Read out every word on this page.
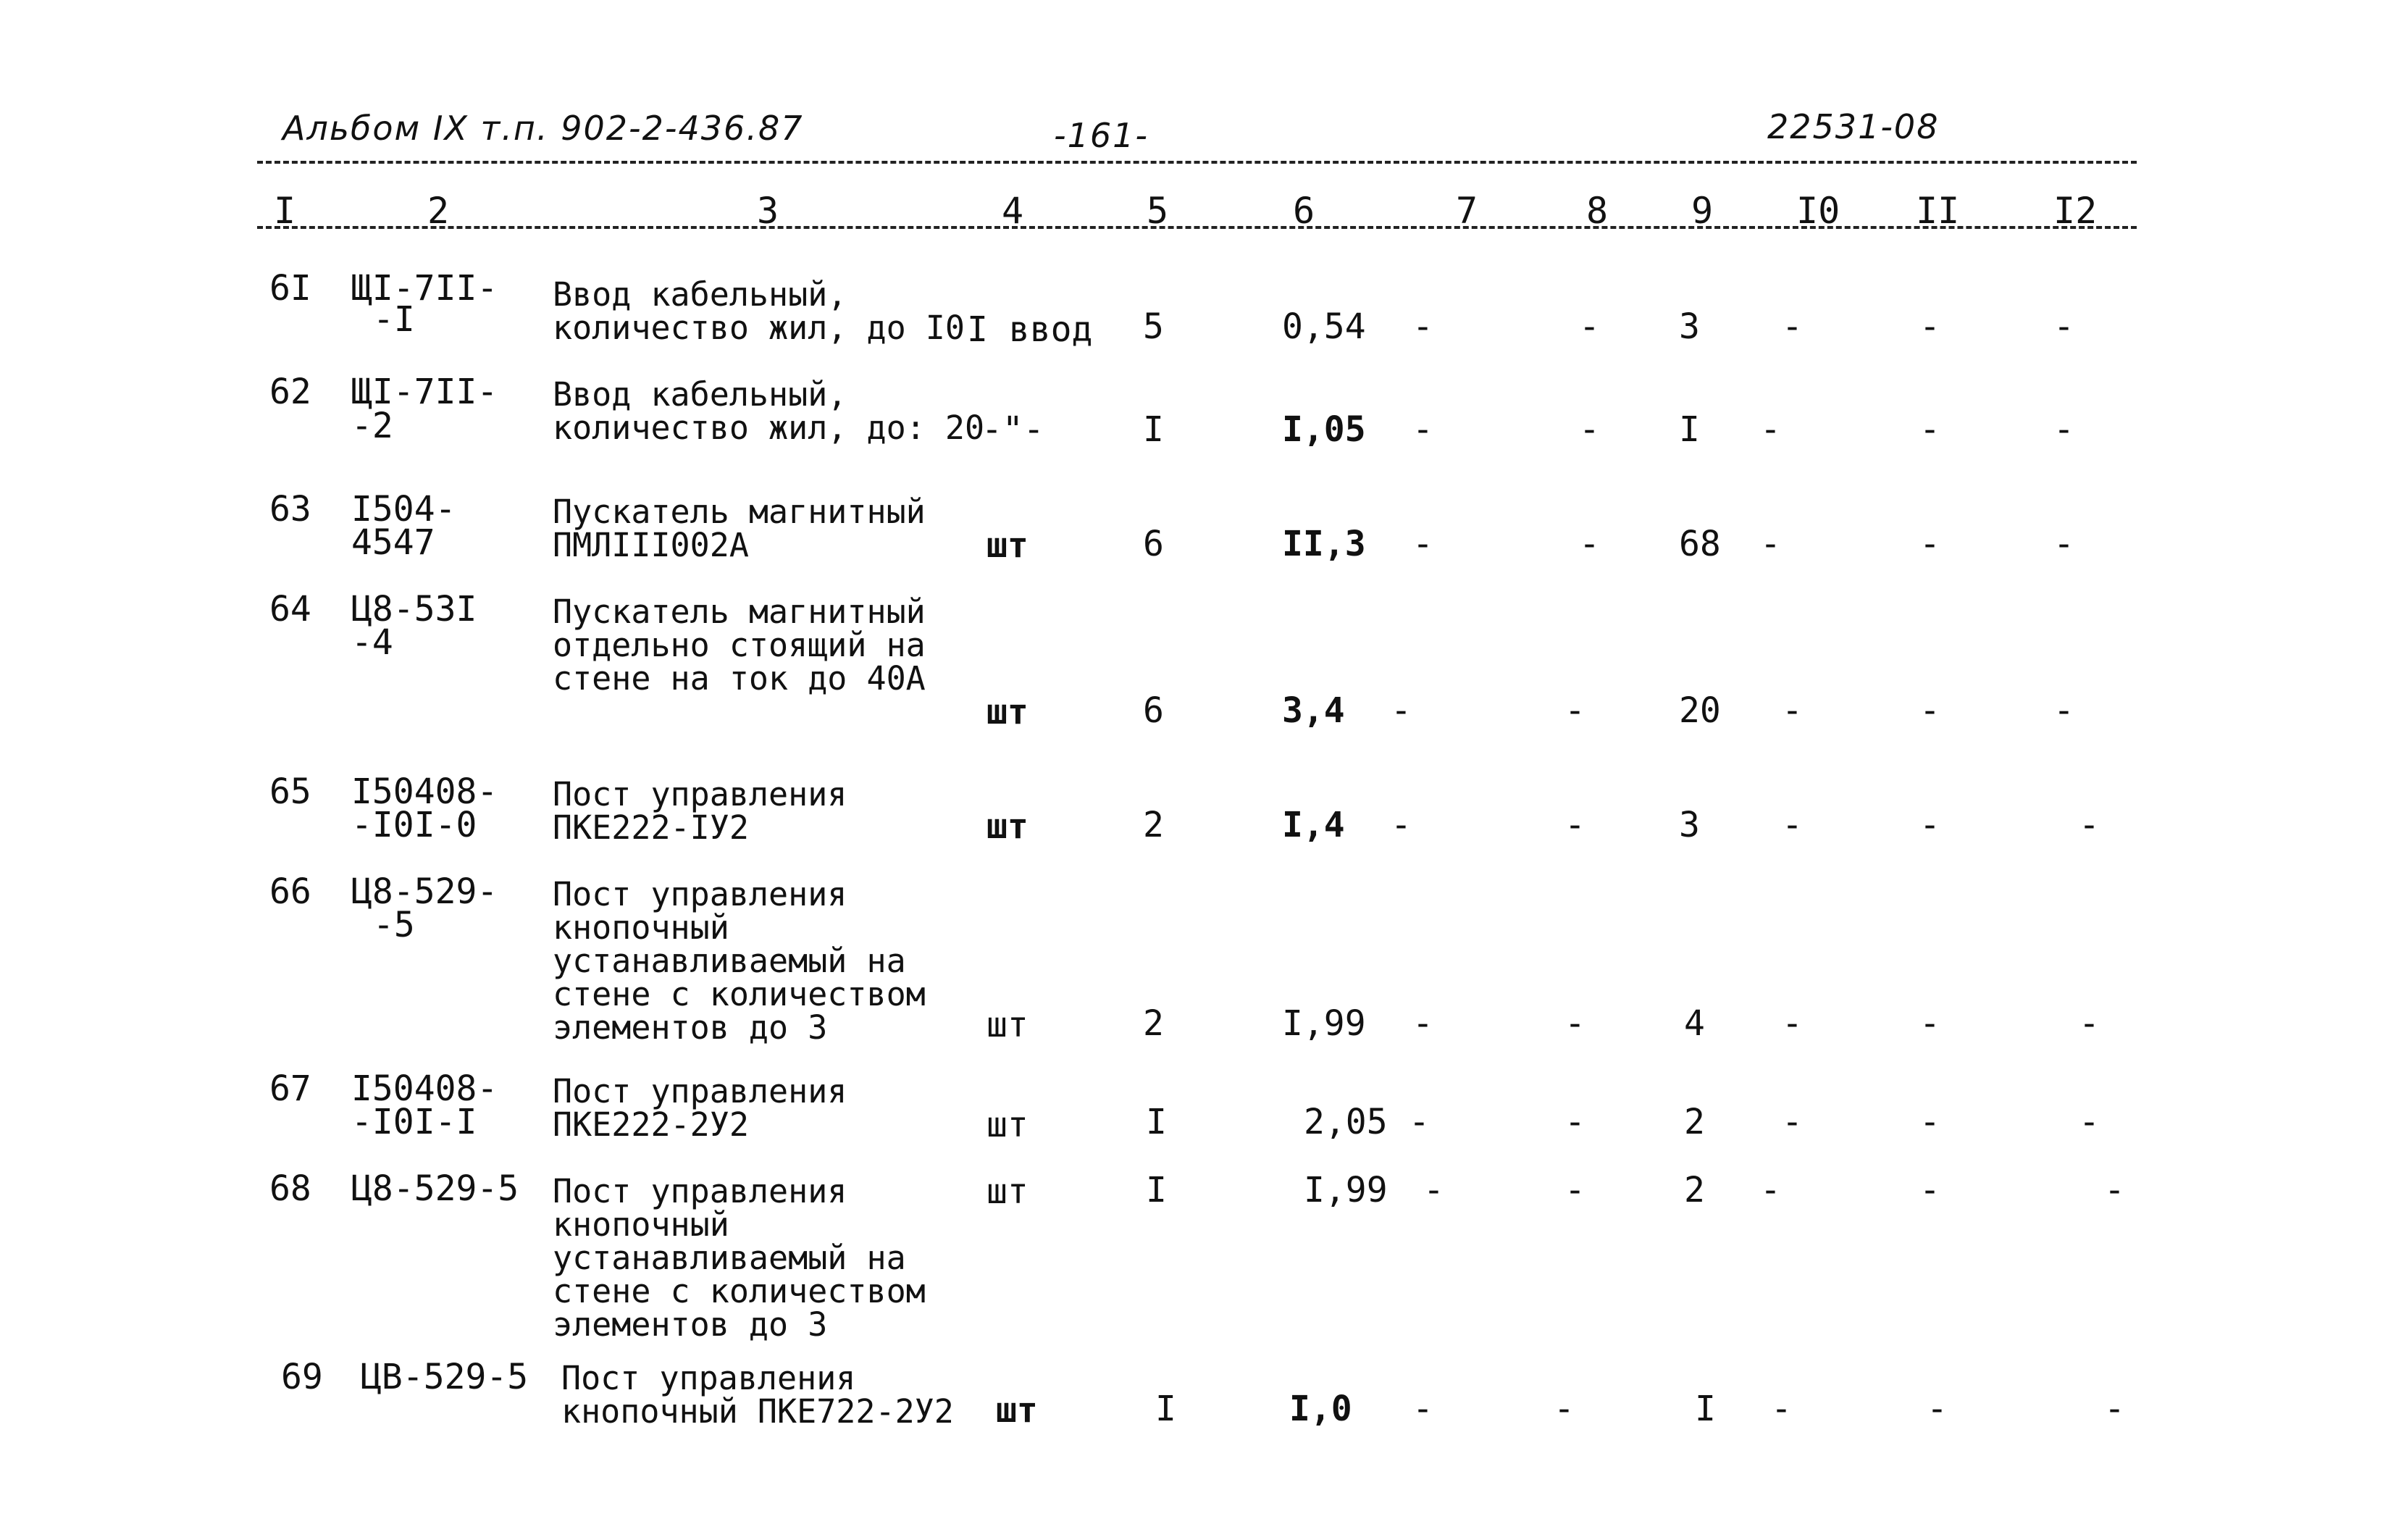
Альбом IX т.п. 902-2-436.87	-161-	22531-08
I	2	3	4	5	6	7	8 9 I0 II	I2
6I ЩI-7II-
-I
Ввод кабельный, количество жил, до I0 I ввод 5	0,54 -	- 3 -	-	-
62 ЩI-7II-
-2
Ввод кабельный, количество жил, до: 20
-"-	I	I,05 -	- I -	-	-
63 I504-
4547
Пускатель магнитный ПМЛIII002А	шт	6	II,3 -	- 68 -	-	-
64 Ц8-53I
-4
Пускатель магнитный отдельно стоящий на стене на ток до 40А
шт	6	3,4 -	-	20 -	-	-
65 I50408-
-I0I-0
Пост управления ПКЕ222-IУ2	шт	2	I,4 -	-	3 -	-	-
66 Ц8-529-
-5
Пост управления кнопочный устанавливаемый на стене с количеством элементов до 3	шт	2	I,99 -	-	4 -	-	-
67 I50408-
-I0I-I
Пост управления ПКЕ222-2У2	шт	I	2,05 -	-	2 -	-	-
68 Ц8-529-5 Пост управления кнопочный устанавливаемый на стене с количеством элементов до 3
шт	I	I,99 -	-	2 -	-	-
69 ЦВ-529-5 Пост управления кнопочный ПКЕ722-2У2	шт	I	I,0 -	-	I -	-	-
